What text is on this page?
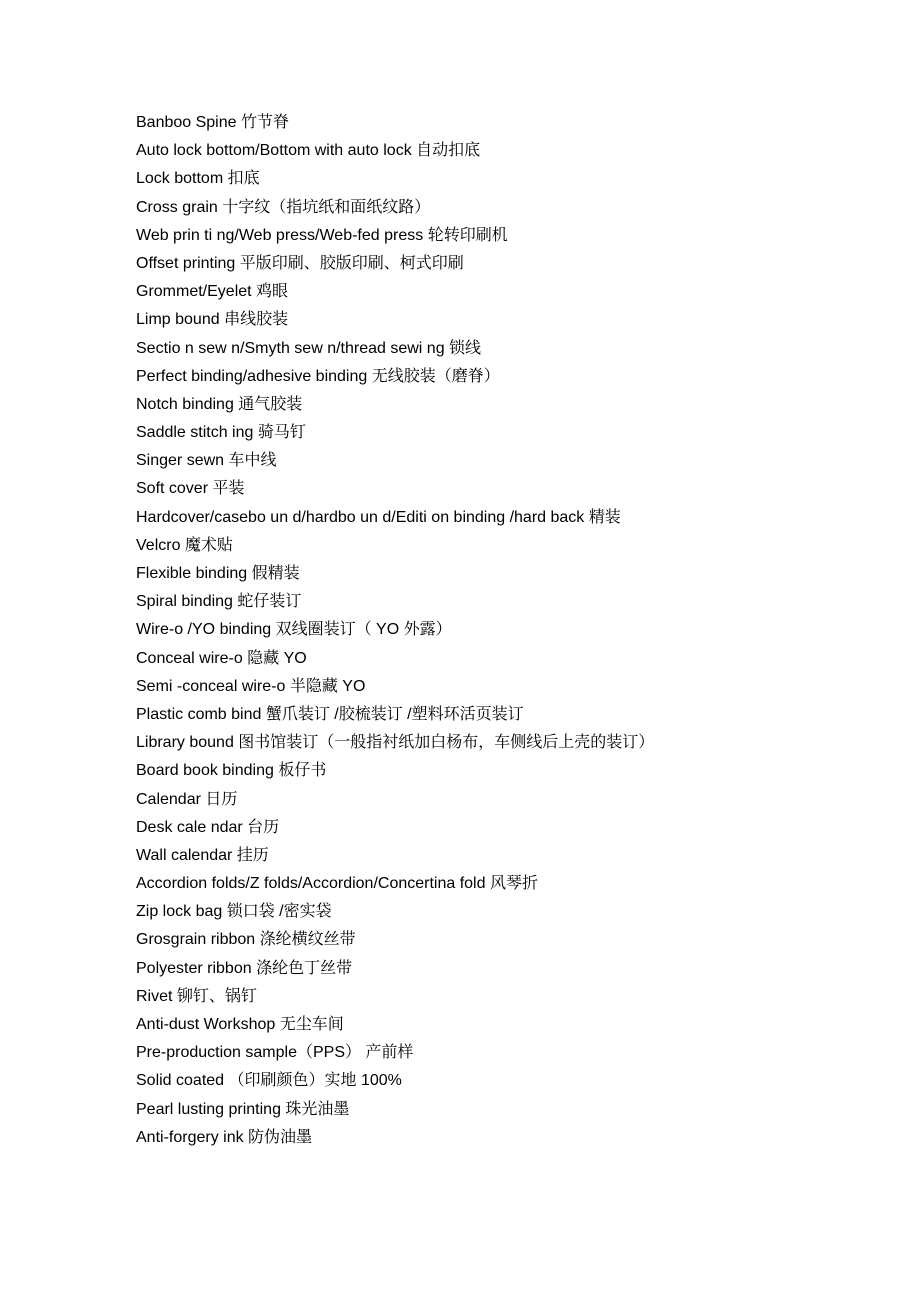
Banboo Spine 竹节脊
Auto lock bottom/Bottom with auto lock 自动扣底
Lock bottom 扣底
Cross grain 十字纹（指坑纸和面纸纹路）
Web prin ti ng/Web press/Web-fed press 轮转印刷机
Offset printing 平版印刷、胶版印刷、柯式印刷
Grommet/Eyelet 鸡眼
Limp bound 串线胶装
Sectio n sew n/Smyth sew n/thread sewi ng 锁线
Perfect binding/adhesive binding 无线胶装（磨脊）
Notch binding 通气胶装
Saddle stitch ing 骑马钉
Singer sewn 车中线
Soft cover 平装
Hardcover/casebo un d/hardbo un d/Editi on binding /hard back 精装
Velcro 魔术贴
Flexible binding 假精装
Spiral binding 蛇仔装订
Wire-o /YO binding 双线圈装订（ YO 外露）
Conceal wire-o 隐藏 YO
Semi -conceal wire-o 半隐藏 YO
Plastic comb bind 蟹爪装订 /胶梳装订 /塑料环活页装订
Library bound 图书馆装订（一般指衬纸加白杨布，车侧线后上壳的装订）
Board book binding 板仔书
Calendar 日历
Desk cale ndar 台历
Wall calendar 挂历
Accordion folds/Z folds/Accordion/Concertina fold 风琴折
Zip lock bag 锁口袋 /密实袋
Grosgrain ribbon 涤纶横纹丝带
Polyester ribbon 涤纶色丁丝带
Rivet 铆钉、锅钉
Anti-dust Workshop 无尘车间
Pre-production sample（PPS） 产前样
Solid coated （印刷颜色）实地 100%
Pearl lusting printing 珠光油墨
Anti-forgery ink 防伪油墨
